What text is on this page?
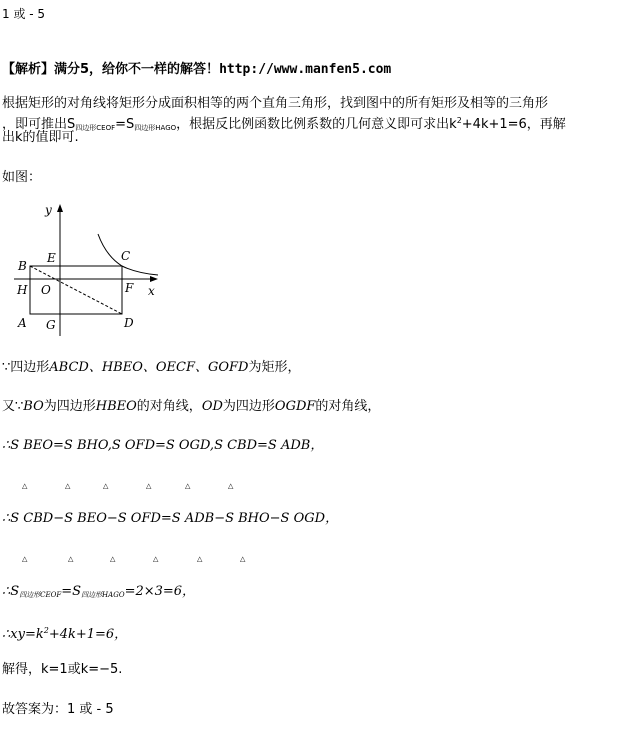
1 或 - 5
【解析】满分5，给你不一样的解答！http://www.manfen5.com
根据矩形的对角线将矩形分成面积相等的两个直角三角形，找到图中的所有矩形及相等的三角形
，即可推出$S_{四边形CEOF}=S_{四边形HAGO}$，根据反比例函数比例系数的几何意义即可求出$k^2+4k+1=6$，再解
出k的值即可.
如图：
y
x
E	C
B
H O	F
A G	D
∵四边形ABCD、HBEO、OECF、GOFD为矩形，
又∵BO为四边形HBEO的对角线，OD为四边形OGDF的对角线，
∴S BEO=S BHO,S OFD=S OGD,S CBD=S ADB，
△	△	△	△	△	△
∴S CBD−S BEO−S OFD=S ADB−S BHO−S OGD，
△	△	△	△	△	△
$\therefore S_{四边形CEOF}=S_{四边形HAGO}=2\times 3=6$，
$\therefore xy=k^2+4k+1=6$，
解得，k=1或k=−5.
故答案为：1 或 - 5
